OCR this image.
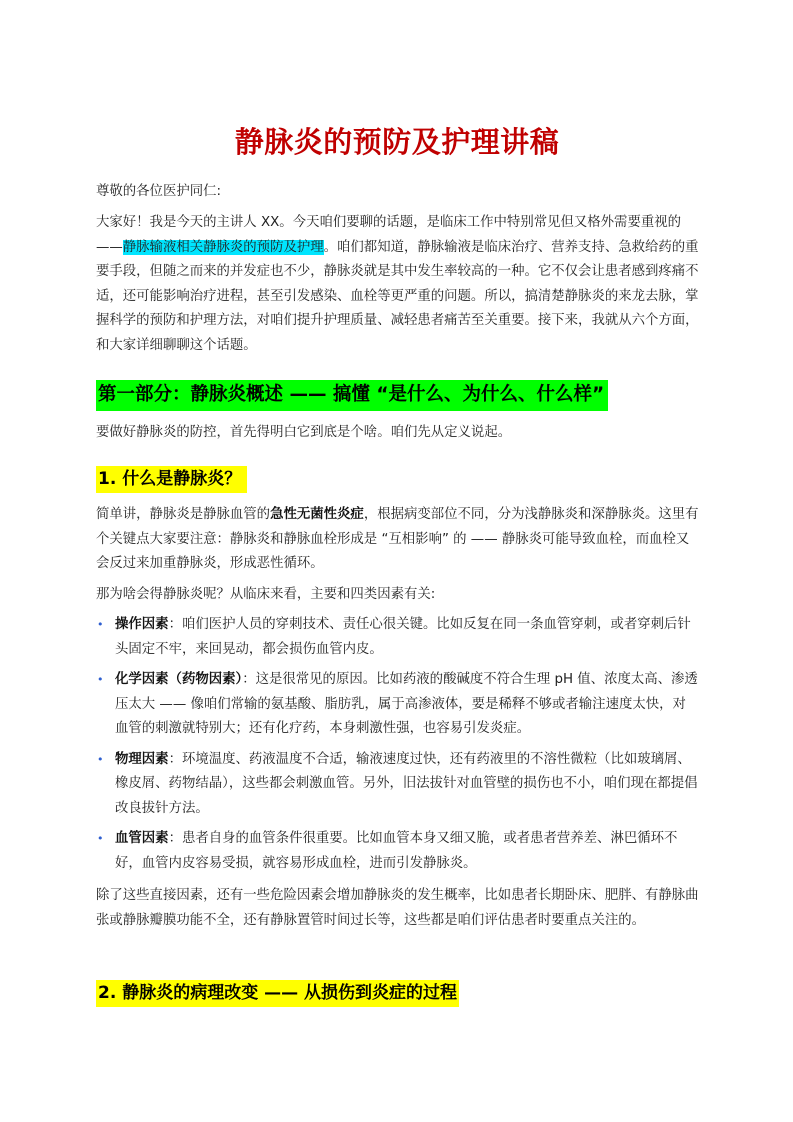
静脉炎的预防及护理讲稿

尊敬的各位医护同仁:

大家好！我是今天的主讲人 XX。今天咱们要聊的话题，是临床工作中特别常见但又格外需要重视的 ——静脉输液相关静脉炎的预防及护理。咱们都知道，静脉输液是临床治疗、营养支持、急救给药的重要手段，但随之而来的并发症也不少，静脉炎就是其中发生率较高的一种。它不仅会让患者感到疼痛不适，还可能影响治疗进程，甚至引发感染、血栓等更严重的问题。所以，搞清楚静脉炎的来龙去脉，掌握科学的预防和护理方法，对咱们提升护理质量、减轻患者痛苦至关重要。接下来，我就从六个方面，和大家详细聊聊这个话题。

第一部分：静脉炎概述 —— 搞懂 “是什么、为什么、什么样”

要做好静脉炎的防控，首先得明白它到底是个啥。咱们先从定义说起。

1. 什么是静脉炎？

简单讲，静脉炎是静脉血管的急性无菌性炎症，根据病变部位不同，分为浅静脉炎和深静脉炎。这里有个关键点大家要注意：静脉炎和静脉血栓形成是 “互相影响” 的 —— 静脉炎可能导致血栓，而血栓又会反过来加重静脉炎，形成恶性循环。

那为啥会得静脉炎呢？从临床来看，主要和四类因素有关:

• 操作因素：咱们医护人员的穿刺技术、责任心很关键。比如反复在同一条血管穿刺，或者穿刺后针头固定不牢，来回晃动，都会损伤血管内皮。
• 化学因素（药物因素）：这是很常见的原因。比如药液的酸碱度不符合生理 pH 值、浓度太高、渗透压太大 —— 像咱们常输的氨基酸、脂肪乳，属于高渗液体，要是稀释不够或者输注速度太快，对血管的刺激就特别大；还有化疗药，本身刺激性强，也容易引发炎症。
• 物理因素：环境温度、药液温度不合适，输液速度过快，还有药液里的不溶性微粒（比如玻璃屑、橡皮屑、药物结晶），这些都会刺激血管。另外，旧法拔针对血管壁的损伤也不小，咱们现在都提倡改良拔针方法。
• 血管因素：患者自身的血管条件很重要。比如血管本身又细又脆，或者患者营养差、淋巴循环不好，血管内皮容易受损，就容易形成血栓，进而引发静脉炎。

除了这些直接因素，还有一些危险因素会增加静脉炎的发生概率，比如患者长期卧床、肥胖、有静脉曲张或静脉瓣膜功能不全，还有静脉置管时间过长等，这些都是咱们评估患者时要重点关注的。

2. 静脉炎的病理改变 —— 从损伤到炎症的过程
